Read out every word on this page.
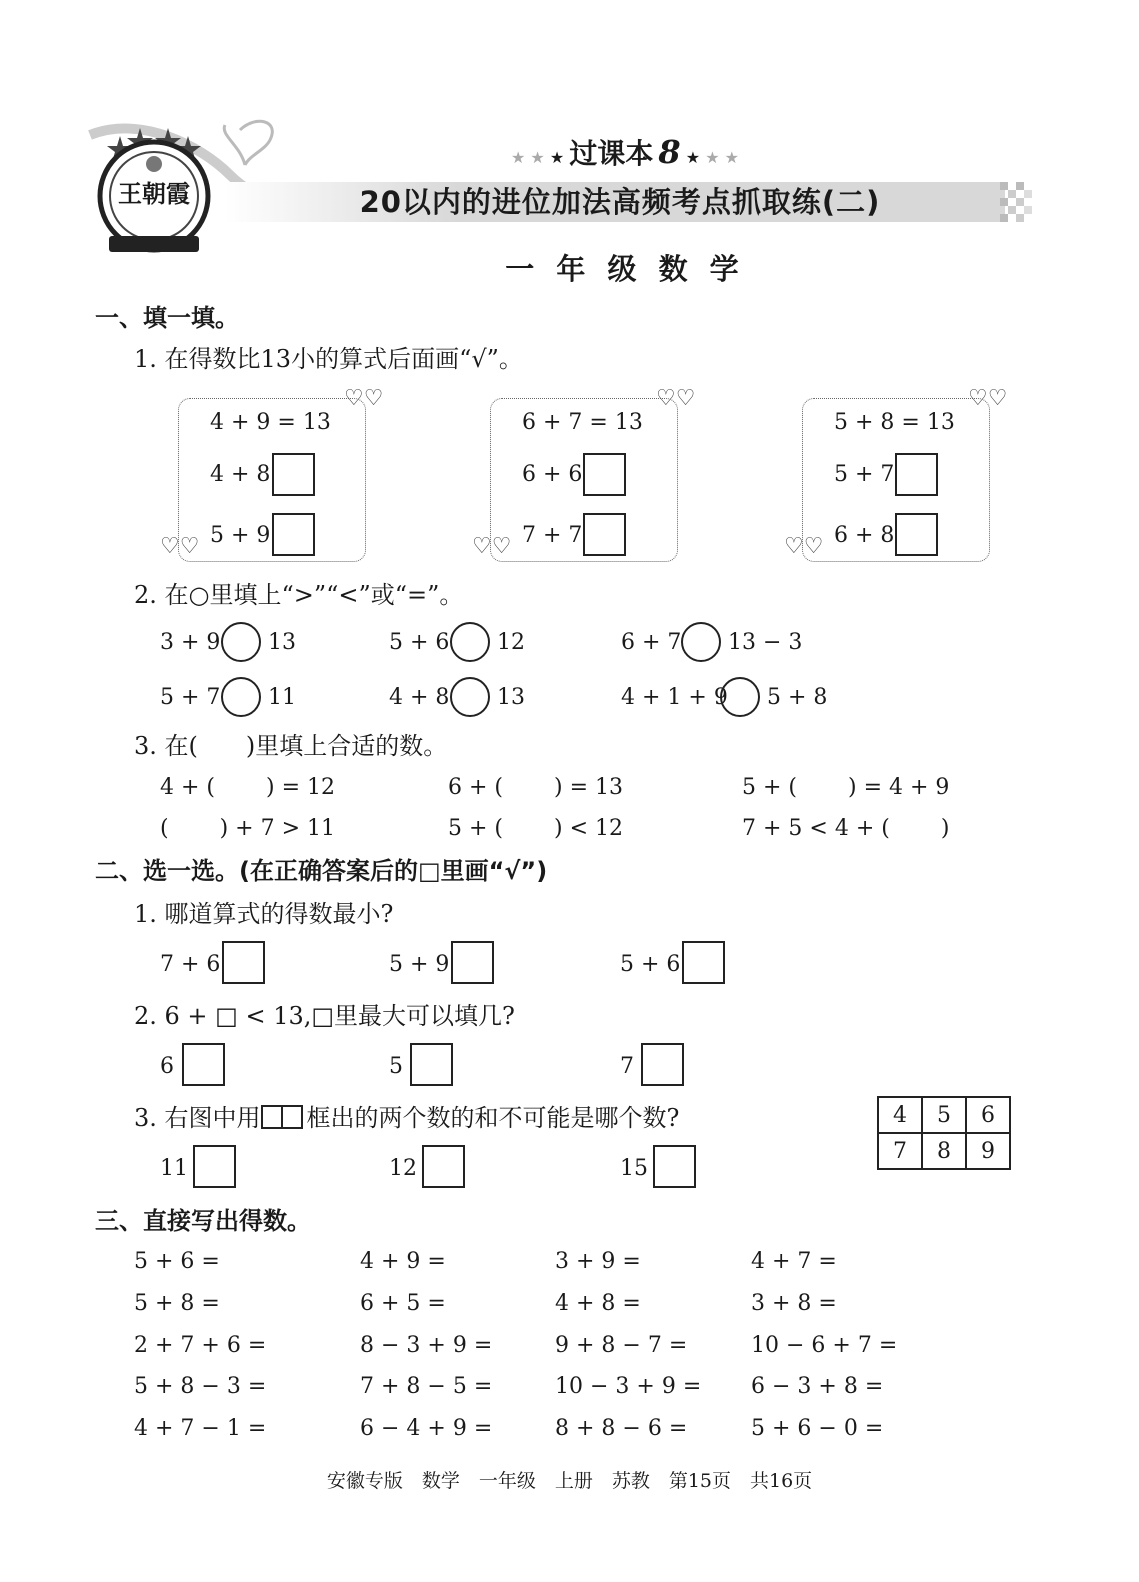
王朝霞
★ ★ ★ 过课本 8 ★ ★ ★
20以内的进位加法高频考点抓取练(二)
一 年 级 数 学
一、填一填。
1. 在得数比13小的算式后面画“√”。
♡♡
♡♡
4 + 9 = 13
4 + 8
5 + 9
♡♡
♡♡
6 + 7 = 13
6 + 6
7 + 7
♡♡
♡♡
5 + 8 = 13
5 + 7
6 + 8
2. 在○里填上“>”“<”或“=”。
3 + 9 13	5 + 6 12	6 + 7 13 − 3
5 + 7 11	4 + 8 13	4 + 1 + 9 5 + 8
3. 在(　　)里填上合适的数。
4 + (　　 ) = 12	6 + (　　 ) = 13	5 + (　　 ) = 4 + 9
(　　 ) + 7 > 11	5 + (　　 ) < 12	7 + 5 < 4 + (　　 )
二、选一选。(在正确答案后的□里画“√”)
1. 哪道算式的得数最小?
7 + 6	5 + 9	5 + 6
2. 6 + □ < 13,□里最大可以填几?
6	5	7
3. 右图中用 框出的两个数的和不可能是哪个数?
11	12	15
4	5	6
7	8	9
三、直接写出得数。
5 + 6 =	4 + 9 =	3 + 9 =	4 + 7 =
5 + 8 =	6 + 5 =	4 + 8 =	3 + 8 =
2 + 7 + 6 =	8 − 3 + 9 =	9 + 8 − 7 =	10 − 6 + 7 =
5 + 8 − 3 =	7 + 8 − 5 =	10 − 3 + 9 = 6 − 3 + 8 =
4 + 7 − 1 =	6 − 4 + 9 =	8 + 8 − 6 =	5 + 6 − 0 =
安徽专版　数学　一年级　上册　苏教　第15页　共16页
